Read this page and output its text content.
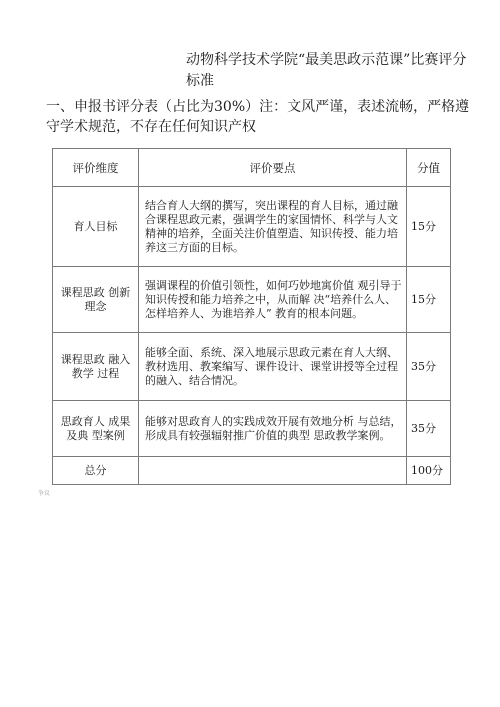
动物科学技术学院“最美思政示范课”比赛评分标准

一、申报书评分表（占比为30%）注：文风严谨，表述流畅，严格遵守学术规范，不存在任何知识产权

评价维度	评价要点	分值
育人目标	结合育人大纲的撰写，突出课程的育人目标，通过融合课程思政元素，强调学生的家国情怀、科学与人文精神的培养，全面关注价值塑造、知识传授、能力培养这三方面的目标。	15分
课程思政 创新理念	强调课程的价值引领性，如何巧妙地寓价值 观引导于知识传授和能力培养之中，从而解 决“培养什么人、怎样培养人、为谁培养人” 教育的根本问题。	15分
课程思政 融入教学 过程	能够全面、系统、深入地展示思政元素在育人大纲、教材选用、教案编写、课件设计、课堂讲授等全过程的融入、结合情况。	35分
思政育人 成果及典 型案例	能够对思政育人的实践成效开展有效地分析 与总结，形成具有较强辐射推广价值的典型 思政教学案例。	35分
总分		100分
争议
